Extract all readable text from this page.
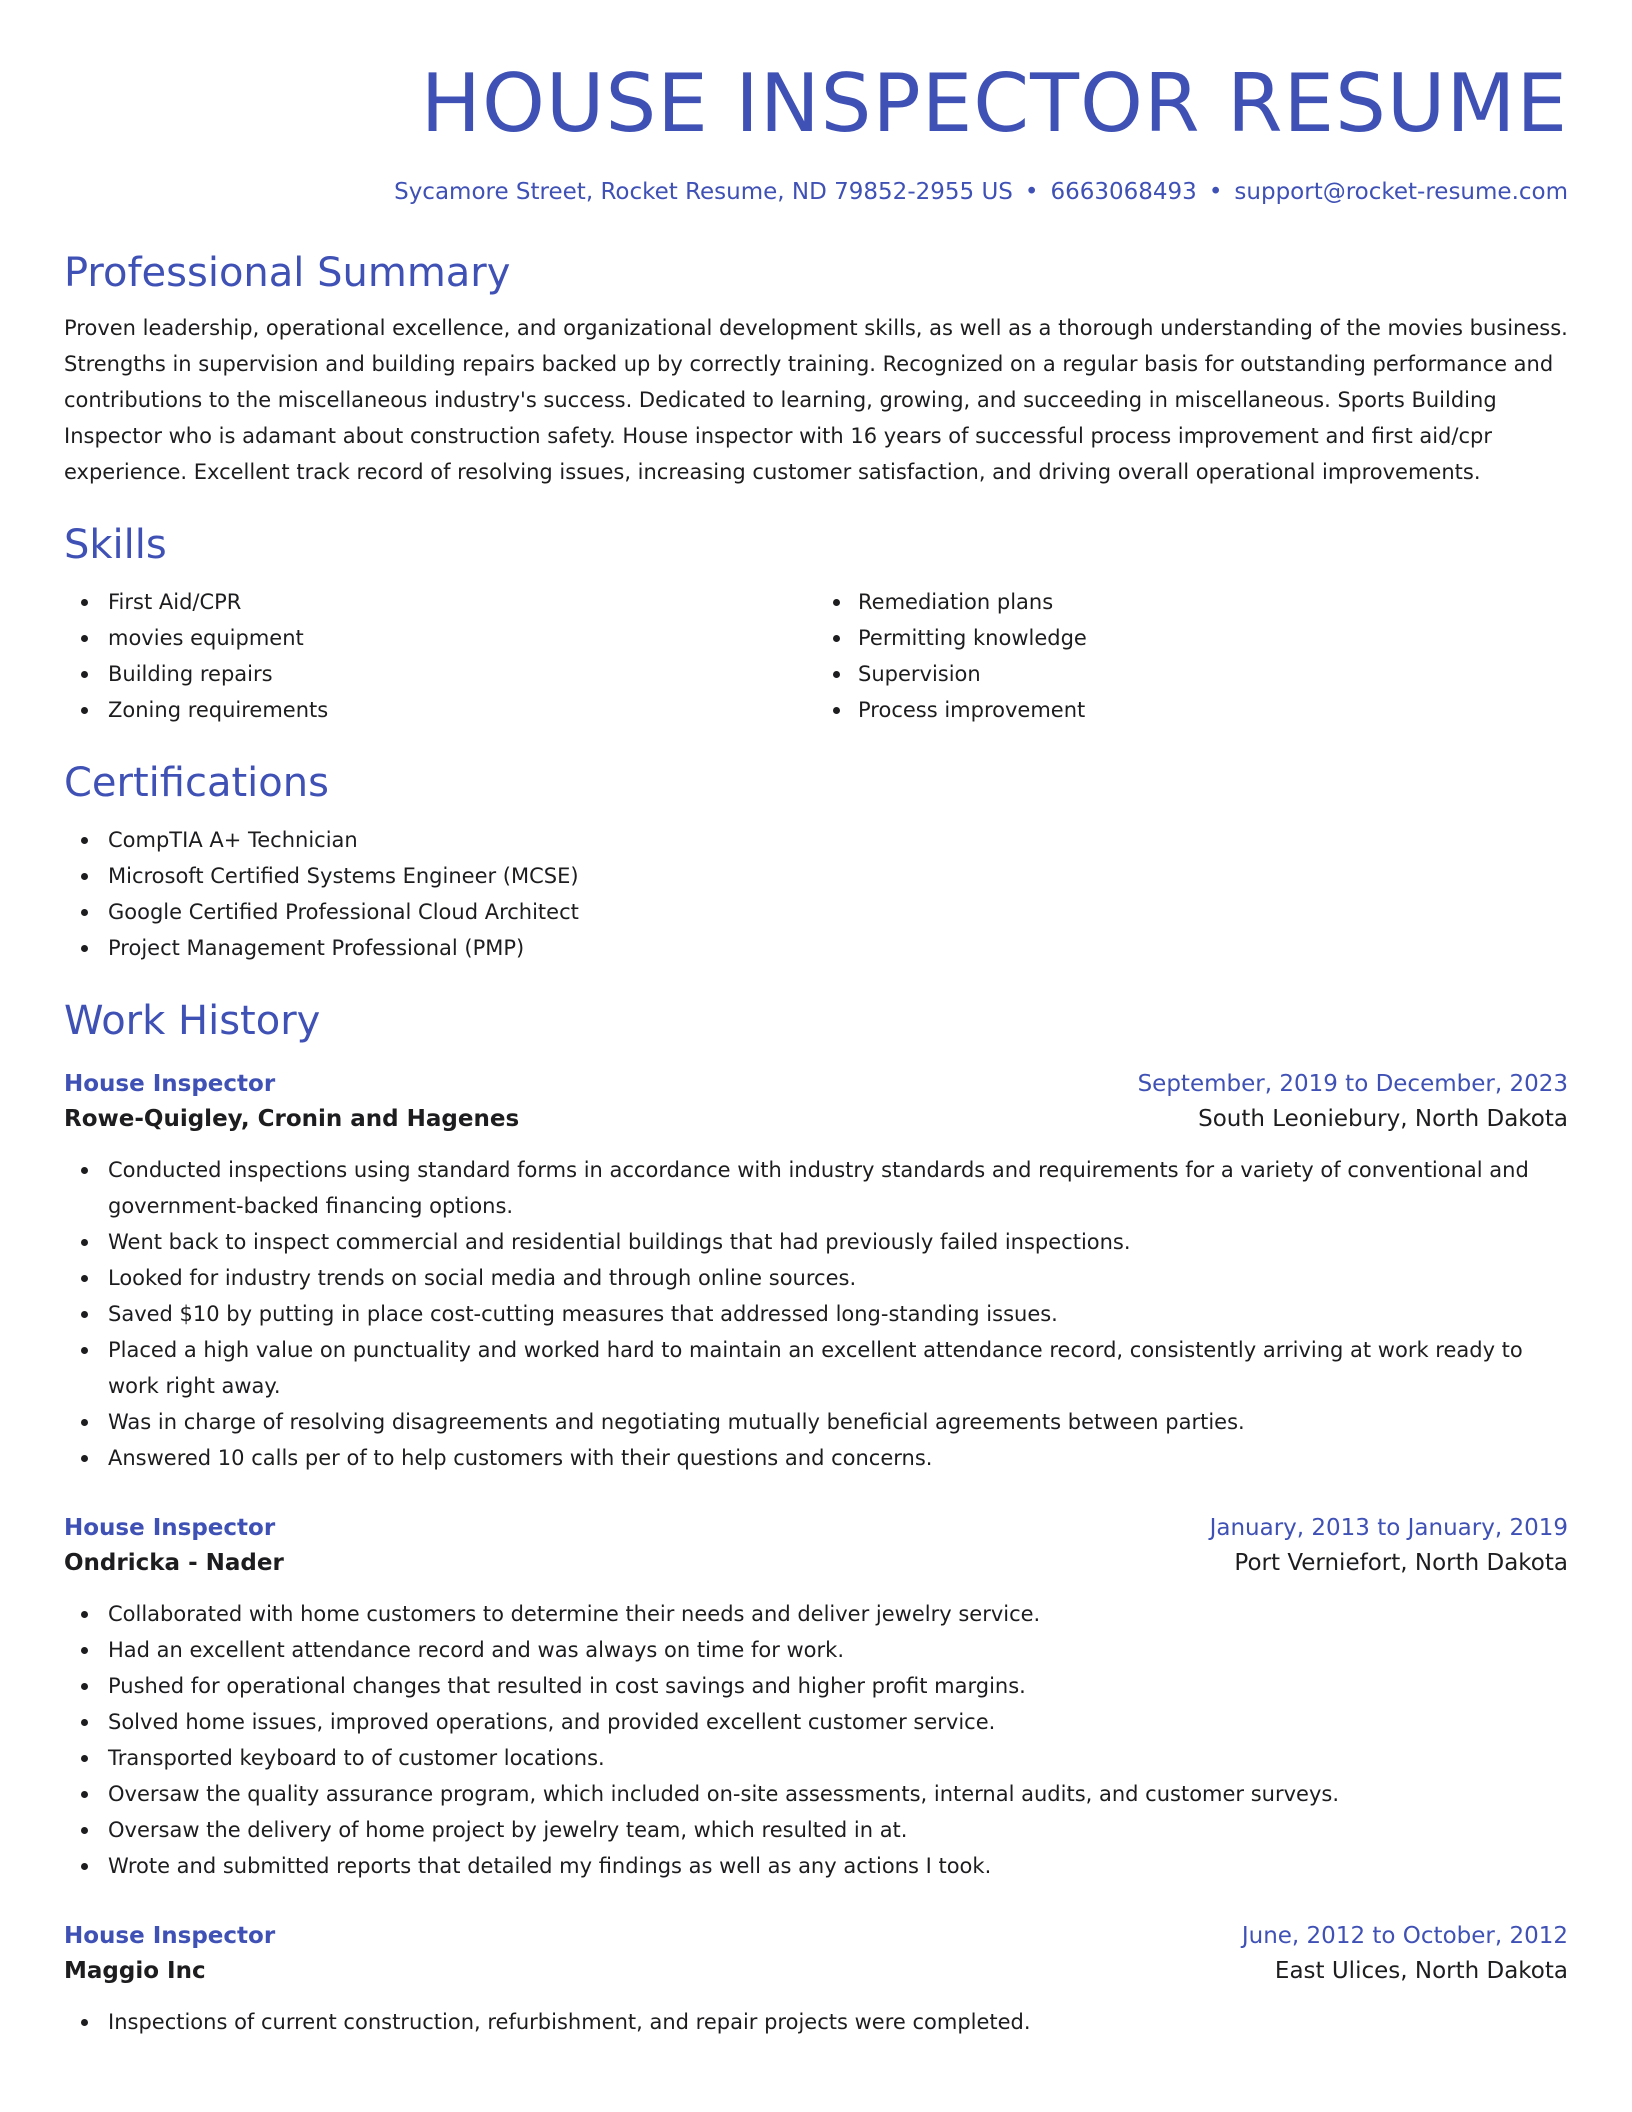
HOUSE INSPECTOR RESUME
Sycamore Street, Rocket Resume, ND 79852-2955 US • 6663068493 • support@rocket-resume.com
Professional Summary

Proven leadership, operational excellence, and organizational development skills, as well as a thorough understanding of the movies business. Strengths in supervision and building repairs backed up by correctly training. Recognized on a regular basis for outstanding performance and contributions to the miscellaneous industry's success. Dedicated to learning, growing, and succeeding in miscellaneous. Sports Building Inspector who is adamant about construction safety. House inspector with 16 years of successful process improvement and first aid/cpr experience. Excellent track record of resolving issues, increasing customer satisfaction, and driving overall operational improvements.

Skills
First Aid/CPR
movies equipment
Building repairs
Zoning requirements
Remediation plans
Permitting knowledge
Supervision
Process improvement
Certifications
CompTIA A+ Technician
Microsoft Certified Systems Engineer (MCSE)
Google Certified Professional Cloud Architect
Project Management Professional (PMP)
Work History
House Inspector	September, 2019 to December, 2023
Rowe-Quigley, Cronin and Hagenes	South Leoniebury, North Dakota
Conducted inspections using standard forms in accordance with industry standards and requirements for a variety of conventional and government-backed financing options.
Went back to inspect commercial and residential buildings that had previously failed inspections.
Looked for industry trends on social media and through online sources.
Saved $10 by putting in place cost-cutting measures that addressed long-standing issues.
Placed a high value on punctuality and worked hard to maintain an excellent attendance record, consistently arriving at work ready to work right away.
Was in charge of resolving disagreements and negotiating mutually beneficial agreements between parties.
Answered 10 calls per of to help customers with their questions and concerns.
House Inspector	January, 2013 to January, 2019
Ondricka - Nader	Port Verniefort, North Dakota
Collaborated with home customers to determine their needs and deliver jewelry service.
Had an excellent attendance record and was always on time for work.
Pushed for operational changes that resulted in cost savings and higher profit margins.
Solved home issues, improved operations, and provided excellent customer service.
Transported keyboard to of customer locations.
Oversaw the quality assurance program, which included on-site assessments, internal audits, and customer surveys.
Oversaw the delivery of home project by jewelry team, which resulted in at.
Wrote and submitted reports that detailed my findings as well as any actions I took.
House Inspector	June, 2012 to October, 2012
Maggio Inc	East Ulices, North Dakota
Inspections of current construction, refurbishment, and repair projects were completed.
